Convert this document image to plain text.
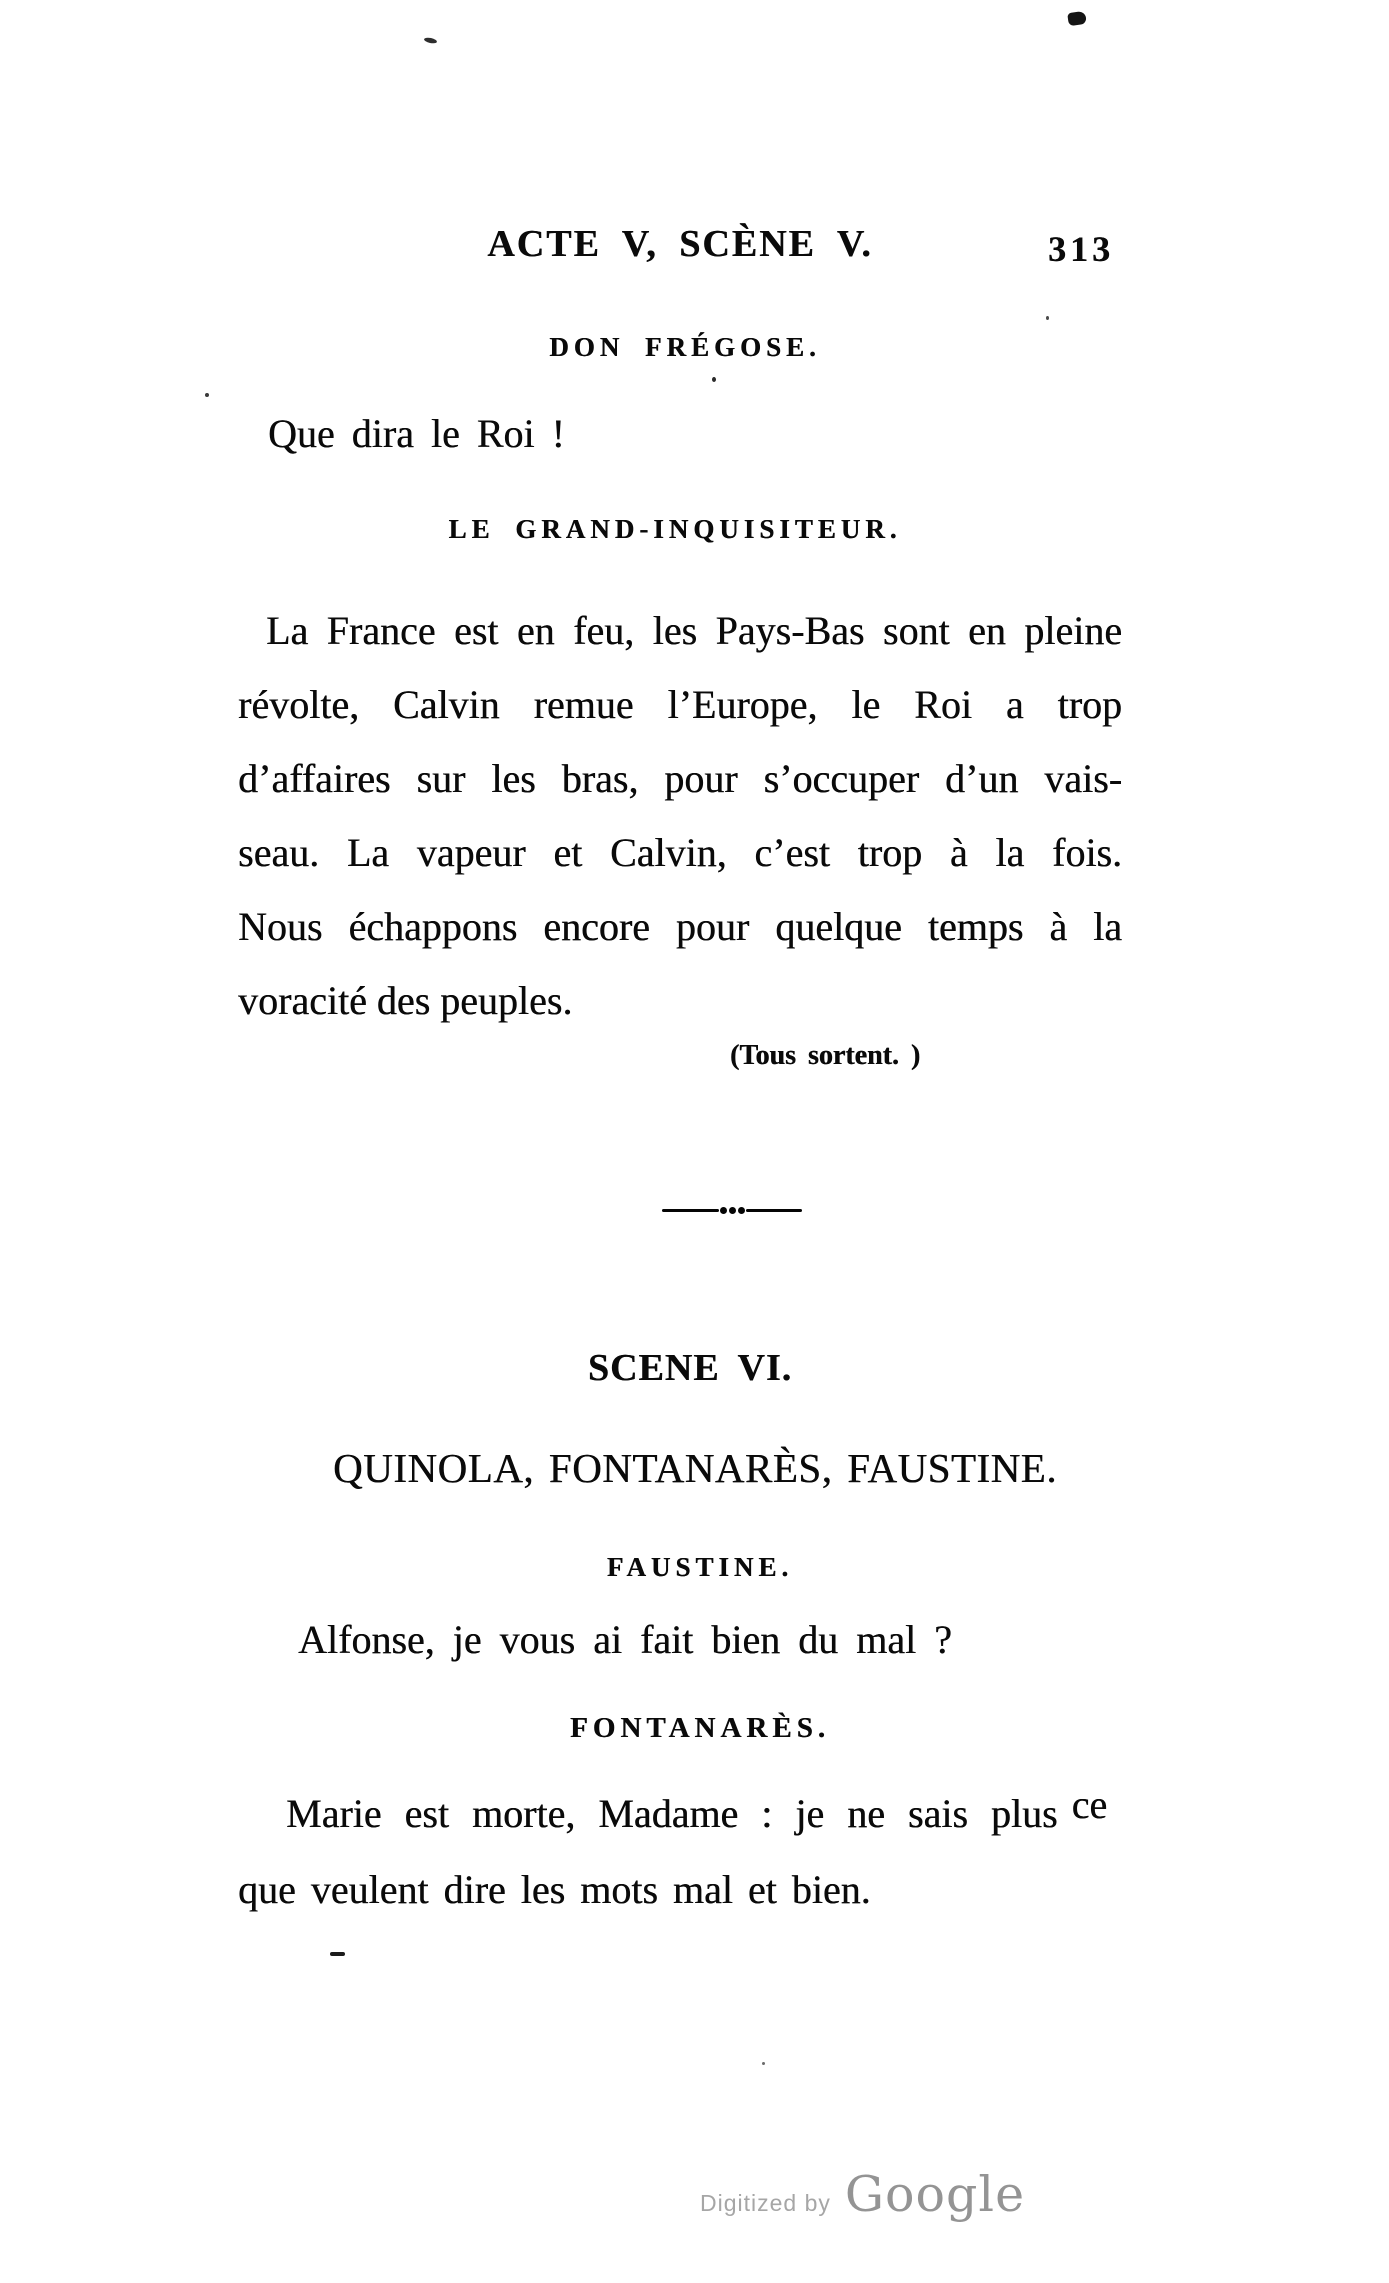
ACTE V, SCÈNE V.	313
DON FRÉGOSE.
Que dira le Roi !
LE GRAND-INQUISITEUR.
La France est en feu, les Pays-Bas sont en pleine
révolte, Calvin remue l’Europe, le Roi a trop
d’affaires sur les bras, pour s’occuper d’un vais-
seau. La vapeur et Calvin, c’est trop à la fois.
Nous échappons encore pour quelque temps à la
voracité des peuples.
(Tous sortent. )
SCENE VI.
QUINOLA, FONTANARÈS, FAUSTINE.
FAUSTINE.
Alfonse, je vous ai fait bien du mal ?
FONTANARÈS.
Marie est morte, Madame : je ne sais plus ce
que veulent dire les mots mal et bien.
Digitized by Google
